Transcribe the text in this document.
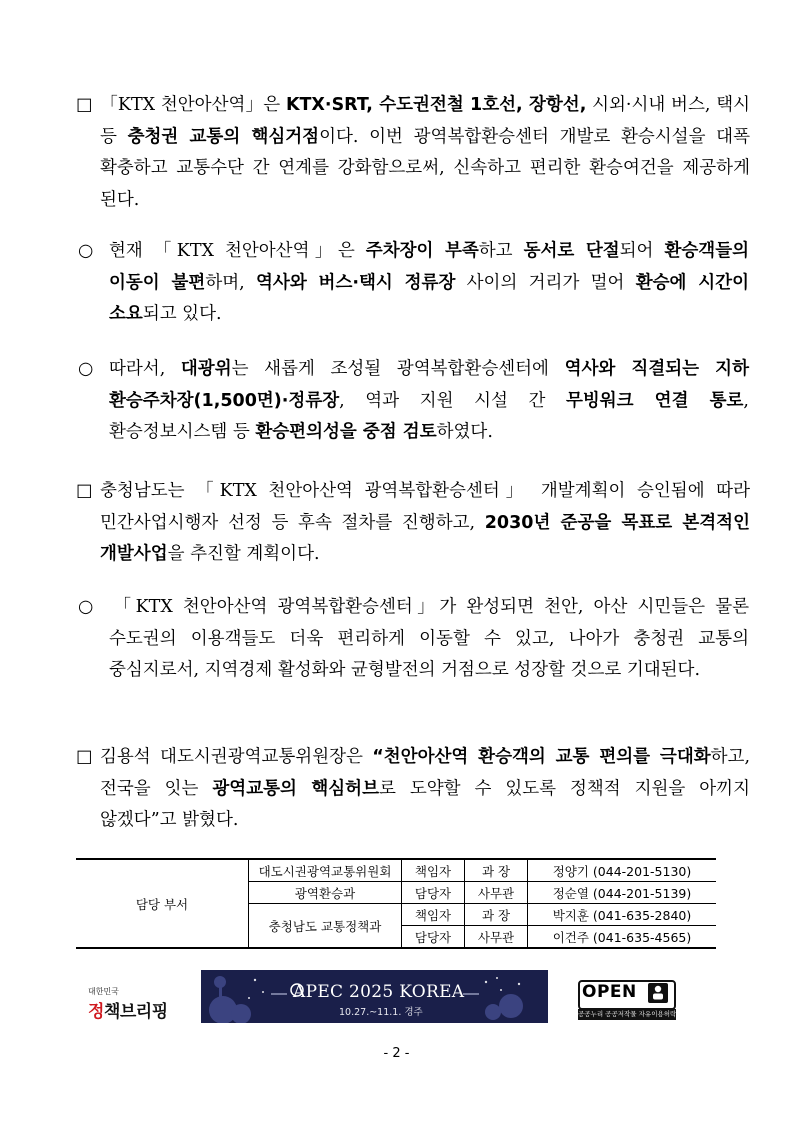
□ 「KTX 천안아산역」은 KTX·SRT, 수도권전철 1호선, 장항선, 시외·시내 버스, 택시 등 충청권 교통의 핵심거점이다. 이번 광역복합환승센터 개발로 환승시설을 대폭 확충하고 교통수단 간 연계를 강화함으로써, 신속하고 편리한 환승여건을 제공하게 된다.

○ 현재 「KTX 천안아산역」은 주차장이 부족하고 동서로 단절되어 환승객들의 이동이 불편하며, 역사와 버스·택시 정류장 사이의 거리가 멀어 환승에 시간이 소요되고 있다.

○ 따라서, 대광위는 새롭게 조성될 광역복합환승센터에 역사와 직결되는 지하 환승주차장(1,500면)·정류장, 역과 지원 시설 간 무빙워크 연결 통로, 환승정보시스템 등 환승편의성을 중점 검토하였다.

□ 충청남도는 「KTX 천안아산역 광역복합환승센터」 개발계획이 승인됨에 따라 민간사업시행자 선정 등 후속 절차를 진행하고, 2030년 준공을 목표로 본격적인 개발사업을 추진할 계획이다.

○ 「KTX 천안아산역 광역복합환승센터」가 완성되면 천안, 아산 시민들은 물론 수도권의 이용객들도 더욱 편리하게 이동할 수 있고, 나아가 충청권 교통의 중심지로서, 지역경제 활성화와 균형발전의 거점으로 성장할 것으로 기대된다.

□ 김용석 대도시권광역교통위원장은 “천안아산역 환승객의 교통 편의를 극대화하고, 전국을 잇는 광역교통의 핵심허브로 도약할 수 있도록 정책적 지원을 아끼지 않겠다”고 밝혔다.

담당 부서	대도시권광역교통위원회	책임자	과 장	정양기 (044-201-5130)
	광역환승과	담당자	사무관	정순열 (044-201-5139)
	충청남도 교통정책과	책임자	과 장	박지훈 (041-635-2840)
		담당자	사무관	이건주 (041-635-4565)
대한민국
정책브리핑
APEC 2025 KOREA
10.27.~11.1. 경주
OPEN
공공누리 공공저작물 자유이용허락
- 2 -
